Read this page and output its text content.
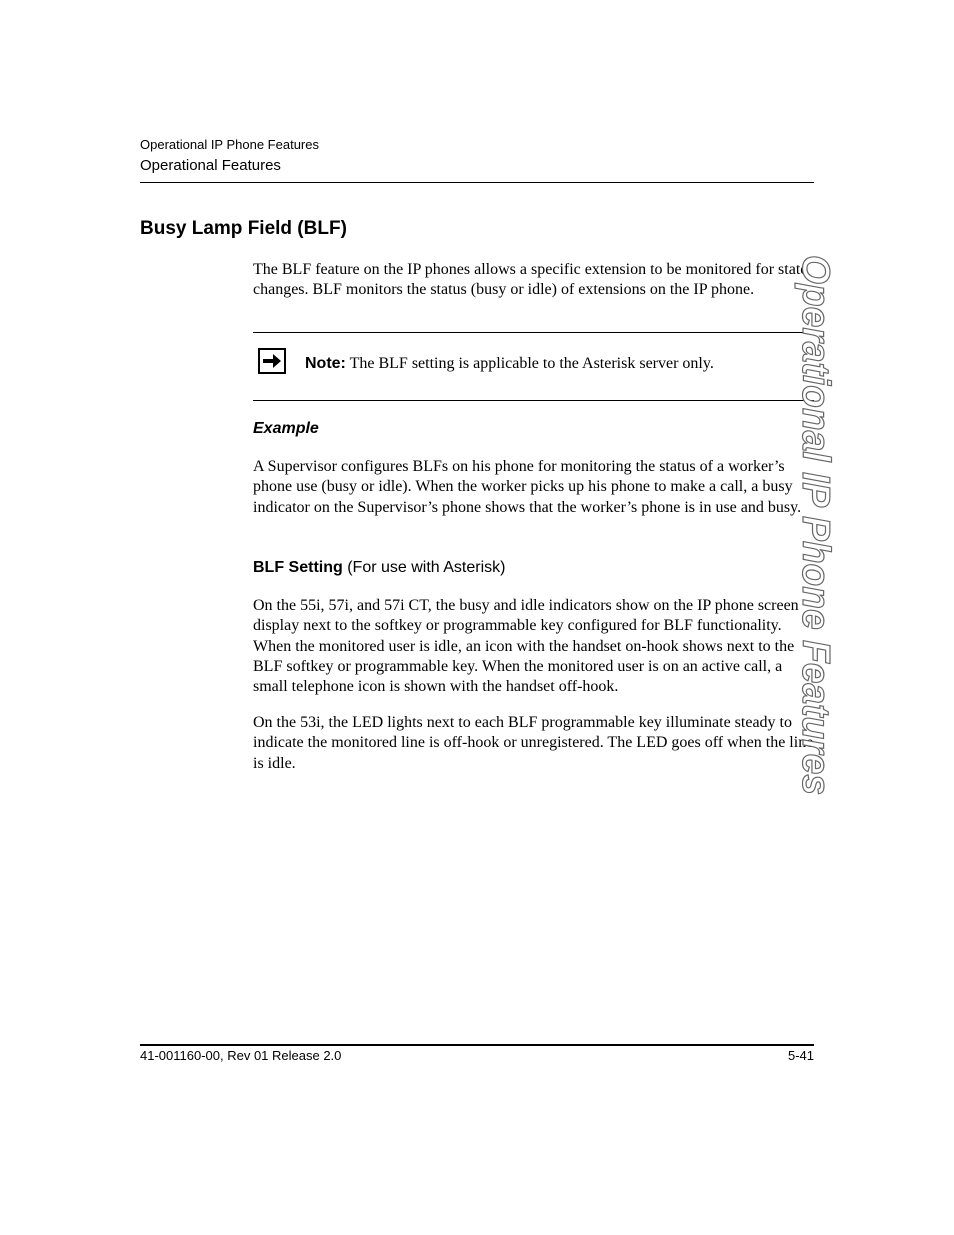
Operational IP Phone Features
Operational Features
Busy Lamp Field (BLF)

The BLF feature on the IP phones allows a specific extension to be monitored for state changes. BLF monitors the status (busy or idle) of extensions on the IP phone.

Note: The BLF setting is applicable to the Asterisk server only.
Example

A Supervisor configures BLFs on his phone for monitoring the status of a worker’s phone use (busy or idle). When the worker picks up his phone to make a call, a busy indicator on the Supervisor’s phone shows that the worker’s phone is in use and busy.

BLF Setting (For use with Asterisk)

On the 55i, 57i, and 57i CT, the busy and idle indicators show on the IP phone screen display next to the softkey or programmable key configured for BLF functionality. When the monitored user is idle, an icon with the handset on-hook shows next to the BLF softkey or programmable key. When the monitored user is on an active call, a small telephone icon is shown with the handset off-hook.

On the 53i, the LED lights next to each BLF programmable key illuminate steady to indicate the monitored line is off-hook or unregistered. The LED goes off when the line is idle.	Operational IP Phone Features
41-001160-00, Rev 01 Release 2.0	5-41
